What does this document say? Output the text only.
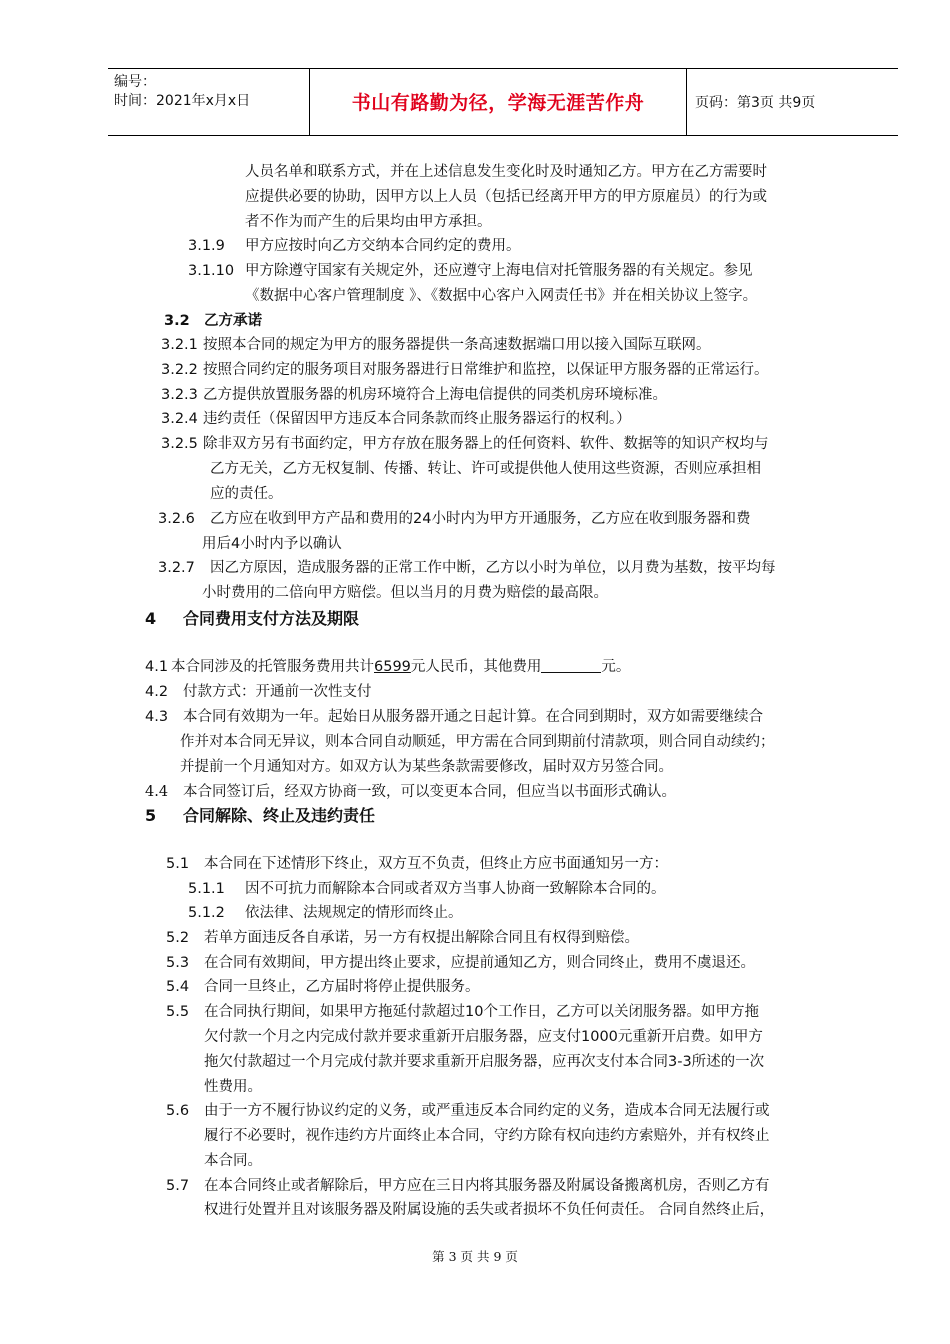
编号：
时间：2021年x月x日	书山有路勤为径，学海无涯苦作舟	页码：第3页 共9页
人员名单和联系方式，并在上述信息发生变化时及时通知乙方。甲方在乙方需要时
应提供必要的协助，因甲方以上人员（包括已经离开甲方的甲方原雇员）的行为或
者不作为而产生的后果均由甲方承担。
3.1.9 甲方应按时向乙方交纳本合同约定的费用。
3.1.10 甲方除遵守国家有关规定外，还应遵守上海电信对托管服务器的有关规定。参见
《数据中心客户管理制度 》、《数据中心客户入网责任书》并在相关协议上签字。
3.2 乙方承诺
3.2.1 按照本合同的规定为甲方的服务器提供一条高速数据端口用以接入国际互联网。
3.2.2 按照合同约定的服务项目对服务器进行日常维护和监控，以保证甲方服务器的正常运行。
3.2.3 乙方提供放置服务器的机房环境符合上海电信提供的同类机房环境标准。
3.2.4 违约责任（保留因甲方违反本合同条款而终止服务器运行的权利。）
3.2.5 除非双方另有书面约定，甲方存放在服务器上的任何资料、软件、数据等的知识产权均与
乙方无关，乙方无权复制、传播、转让、许可或提供他人使用这些资源，否则应承担相
应的责任。
3.2.6 乙方应在收到甲方产品和费用的24小时内为甲方开通服务，乙方应在收到服务器和费
用后4小时内予以确认
3.2.7 因乙方原因，造成服务器的正常工作中断，乙方以小时为单位，以月费为基数，按平均每
小时费用的二倍向甲方赔偿。但以当月的月费为赔偿的最高限。
4 合同费用支付方法及期限
4.1 本合同涉及的托管服务费用共计6599元人民币，其他费用	元。
4.2 付款方式：开通前一次性支付
4.3 本合同有效期为一年。起始日从服务器开通之日起计算。在合同到期时，双方如需要继续合
作并对本合同无异议，则本合同自动顺延，甲方需在合同到期前付清款项，则合同自动续约；
并提前一个月通知对方。如双方认为某些条款需要修改，届时双方另签合同。
4.4 本合同签订后，经双方协商一致，可以变更本合同，但应当以书面形式确认。
5 合同解除、终止及违约责任
5.1 本合同在下述情形下终止，双方互不负责，但终止方应书面通知另一方：
5.1.1 因不可抗力而解除本合同或者双方当事人协商一致解除本合同的。
5.1.2 依法律、法规规定的情形而终止。
5.2 若单方面违反各自承诺，另一方有权提出解除合同且有权得到赔偿。
5.3 在合同有效期间，甲方提出终止要求，应提前通知乙方，则合同终止，费用不虞退还。
5.4 合同一旦终止，乙方届时将停止提供服务。
5.5 在合同执行期间，如果甲方拖延付款超过10个工作日，乙方可以关闭服务器。如甲方拖
欠付款一个月之内完成付款并要求重新开启服务器，应支付1000元重新开启费。如甲方
拖欠付款超过一个月完成付款并要求重新开启服务器，应再次支付本合同3-3所述的一次
性费用。
5.6 由于一方不履行协议约定的义务，或严重违反本合同约定的义务，造成本合同无法履行或
履行不必要时，视作违约方片面终止本合同，守约方除有权向违约方索赔外，并有权终止
本合同。
5.7 在本合同终止或者解除后，甲方应在三日内将其服务器及附属设备搬离机房，否则乙方有
权进行处置并且对该服务器及附属设施的丢失或者损坏不负任何责任。 合同自然终止后，
第 3 页 共 9 页
